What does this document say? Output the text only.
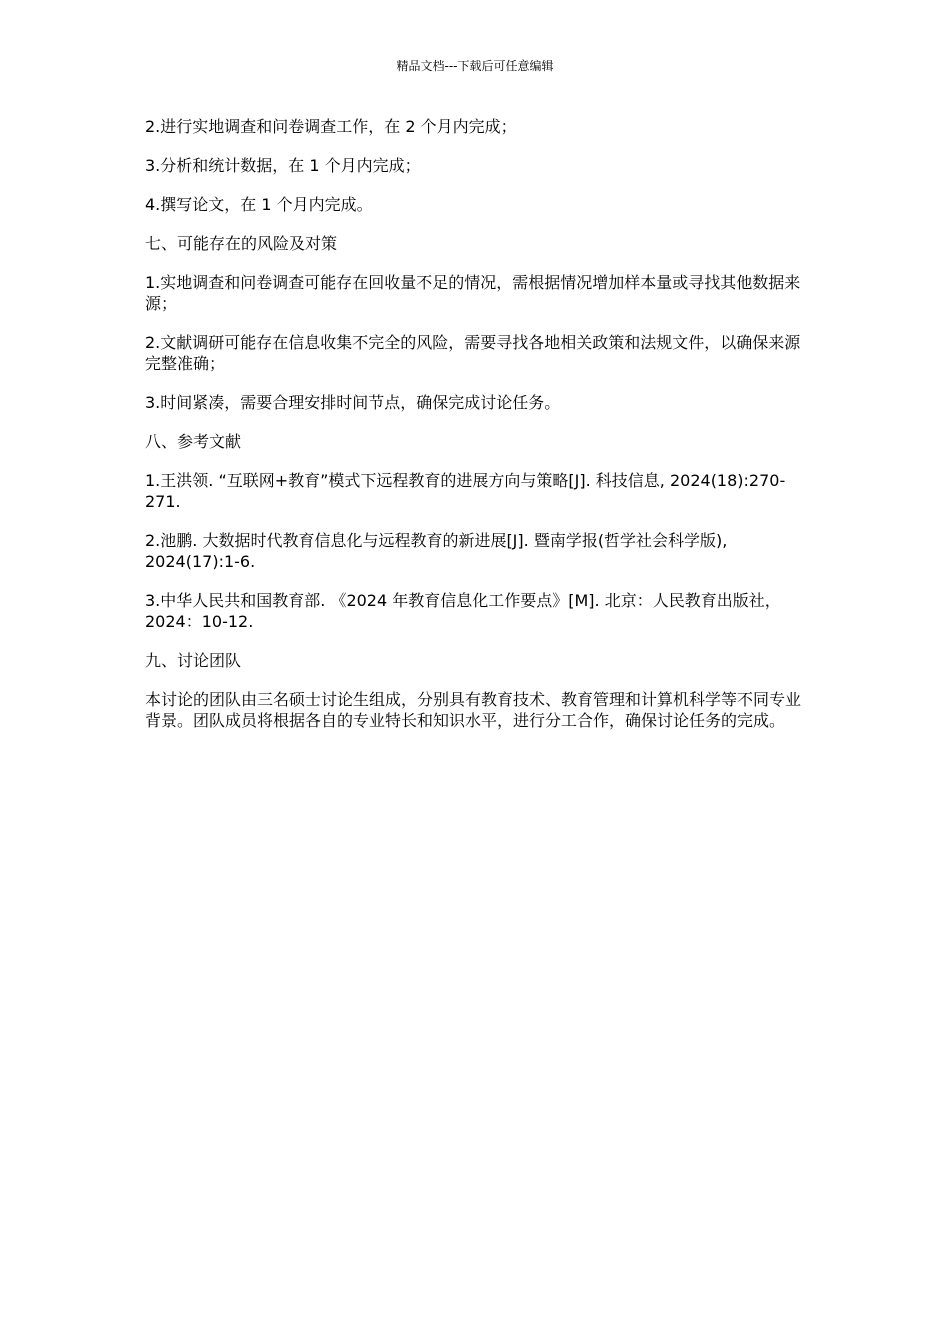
精品文档---下载后可任意编辑

2.进行实地调查和问卷调查工作，在 2 个月内完成；

3.分析和统计数据，在 1 个月内完成；

4.撰写论文，在 1 个月内完成。

七、可能存在的风险及对策

1.实地调查和问卷调查可能存在回收量不足的情况，需根据情况增加样本量或寻找其他数据来源；

2.文献调研可能存在信息收集不完全的风险，需要寻找各地相关政策和法规文件，以确保来源完整准确；

3.时间紧凑，需要合理安排时间节点，确保完成讨论任务。

八、参考文献

1.王洪领. “互联网+教育”模式下远程教育的进展方向与策略[J]. 科技信息, 2024(18):270-271.

2.池鹏. 大数据时代教育信息化与远程教育的新进展[J]. 暨南学报(哲学社会科学版), 2024(17):1-6.

3.中华人民共和国教育部. 《2024 年教育信息化工作要点》[M]. 北京：人民教育出版社，2024：10-12.

九、讨论团队

本讨论的团队由三名硕士讨论生组成，分别具有教育技术、教育管理和计算机科学等不同专业背景。团队成员将根据各自的专业特长和知识水平，进行分工合作，确保讨论任务的完成。
